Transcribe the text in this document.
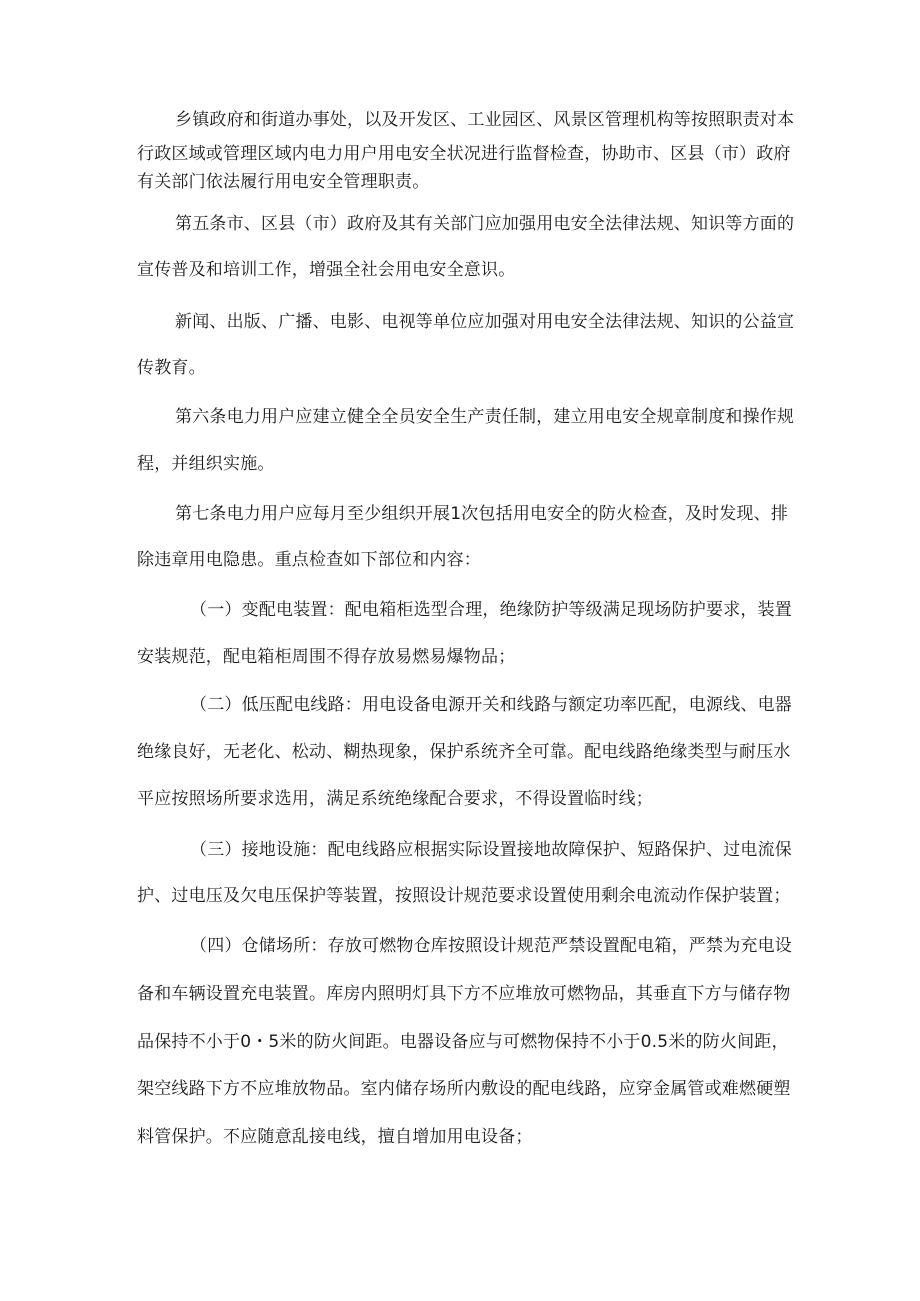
乡镇政府和街道办事处，以及开发区、工业园区、风景区管理机构等按照职责对本
行政区域或管理区域内电力用户用电安全状况进行监督检查，协助市、区县（市）政府
有关部门依法履行用电安全管理职责。
第五条市、区县（市）政府及其有关部门应加强用电安全法律法规、知识等方面的
宣传普及和培训工作，增强全社会用电安全意识。
新闻、出版、广播、电影、电视等单位应加强对用电安全法律法规、知识的公益宣
传教育。
第六条电力用户应建立健全全员安全生产责任制，建立用电安全规章制度和操作规
程，并组织实施。
第七条电力用户应每月至少组织开展1次包括用电安全的防火检查，及时发现、排
除违章用电隐患。重点检查如下部位和内容：
（一）变配电装置：配电箱柜选型合理，绝缘防护等级满足现场防护要求，装置
安装规范，配电箱柜周围不得存放易燃易爆物品；
（二）低压配电线路：用电设备电源开关和线路与额定功率匹配，电源线、电器
绝缘良好，无老化、松动、糊热现象，保护系统齐全可靠。配电线路绝缘类型与耐压水
平应按照场所要求选用，满足系统绝缘配合要求，不得设置临时线；
（三）接地设施：配电线路应根据实际设置接地故障保护、短路保护、过电流保
护、过电压及欠电压保护等装置，按照设计规范要求设置使用剩余电流动作保护装置；
（四）仓储场所：存放可燃物仓库按照设计规范严禁设置配电箱，严禁为充电设
备和车辆设置充电装置。库房内照明灯具下方不应堆放可燃物品，其垂直下方与储存物
品保持不小于0・5米的防火间距。电器设备应与可燃物保持不小于0.5米的防火间距，
架空线路下方不应堆放物品。室内储存场所内敷设的配电线路，应穿金属管或难燃硬塑
料管保护。不应随意乱接电线，擅自增加用电设备；
